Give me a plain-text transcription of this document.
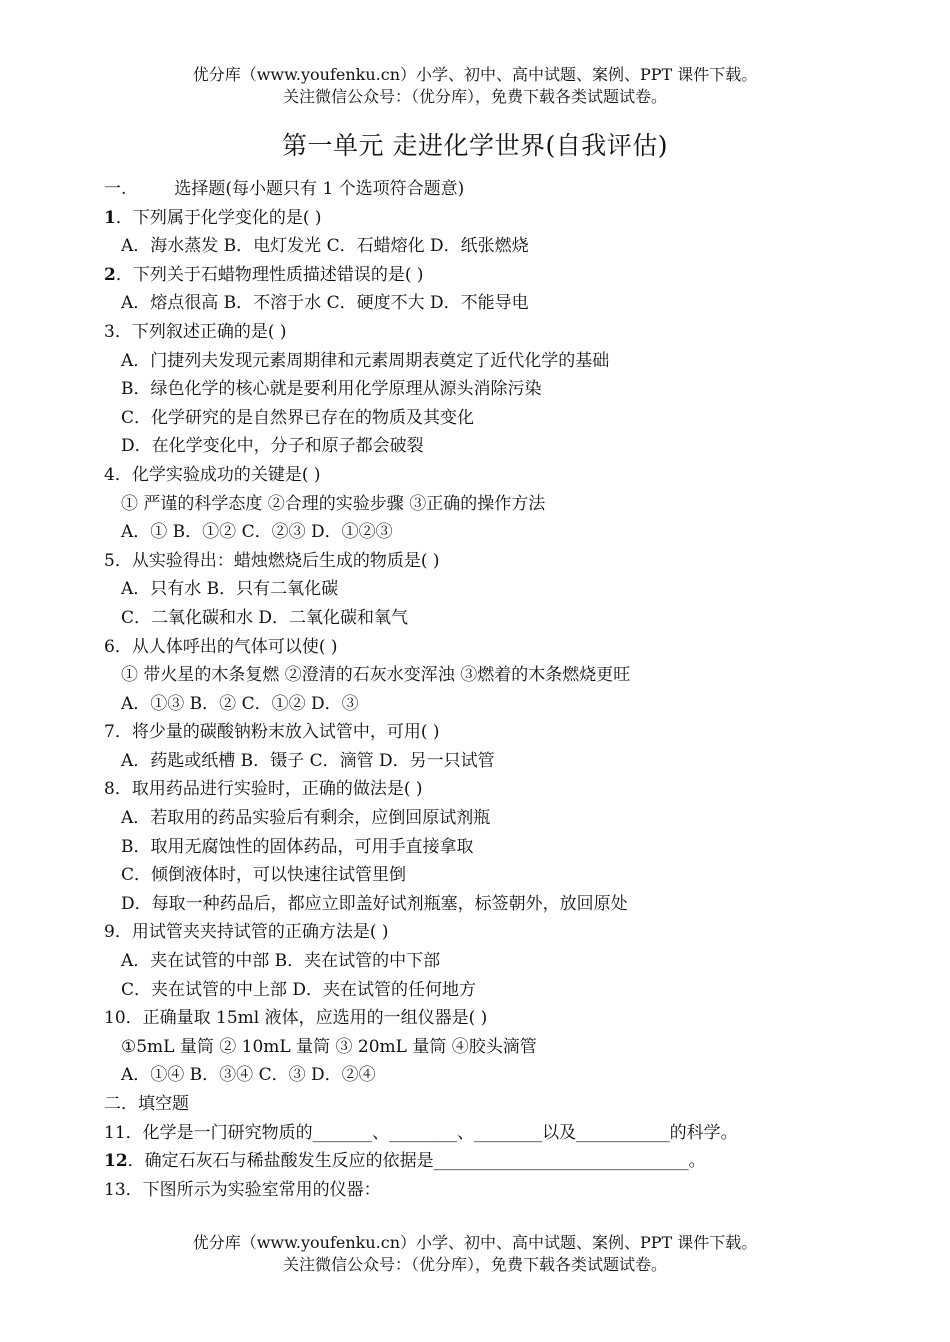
优分库（www.youfenku.cn）小学、初中、高中试题、案例、PPT 课件下载。
关注微信公众号：（优分库），免费下载各类试题试卷。
第一单元 走进化学世界(自我评估)
一.	选择题(每小题只有 1 个选项符合题意)
1．下列属于化学变化的是( )
A．海水蒸发 B．电灯发光 C．石蜡熔化 D．纸张燃烧
2．下列关于石蜡物理性质描述错误的是( )
A．熔点很高 B．不溶于水 C．硬度不大 D．不能导电
3．下列叙述正确的是( )
A．门捷列夫发现元素周期律和元素周期表奠定了近代化学的基础
B．绿色化学的核心就是要利用化学原理从源头消除污染
C．化学研究的是自然界已存在的物质及其变化
D．在化学变化中，分子和原子都会破裂
4．化学实验成功的关键是( )
① 严谨的科学态度 ②合理的实验步骤 ③正确的操作方法
A．① B．①② C．②③ D．①②③
5．从实验得出：蜡烛燃烧后生成的物质是( )
A．只有水 B．只有二氧化碳
C．二氧化碳和水 D．二氧化碳和氧气
6．从人体呼出的气体可以使( )
① 带火星的木条复燃 ②澄清的石灰水变浑浊 ③燃着的木条燃烧更旺
A．①③ B．② C．①② D．③
7．将少量的碳酸钠粉末放入试管中，可用( )
A．药匙或纸槽 B．镊子 C．滴管 D．另一只试管
8．取用药品进行实验时，正确的做法是( )
A．若取用的药品实验后有剩余，应倒回原试剂瓶
B．取用无腐蚀性的固体药品，可用手直接拿取
C．倾倒液体时，可以快速往试管里倒
D．每取一种药品后，都应立即盖好试剂瓶塞，标签朝外，放回原处
9．用试管夹夹持试管的正确方法是( )
A．夹在试管的中部 B．夹在试管的中下部
C．夹在试管的中上部 D．夹在试管的任何地方
10．正确量取 15ml 液体，应选用的一组仪器是( )
①5mL 量筒 ② 10mL 量筒 ③ 20mL 量筒 ④胶头滴管
A．①④ B．③④ C．③ D．②④
二．填空题
11．化学是一门研究物质的_______、________、________以及___________的科学。
12．确定石灰石与稀盐酸发生反应的依据是______________________________。
13．下图所示为实验室常用的仪器：
优分库（www.youfenku.cn）小学、初中、高中试题、案例、PPT 课件下载。
关注微信公众号：（优分库），免费下载各类试题试卷。
